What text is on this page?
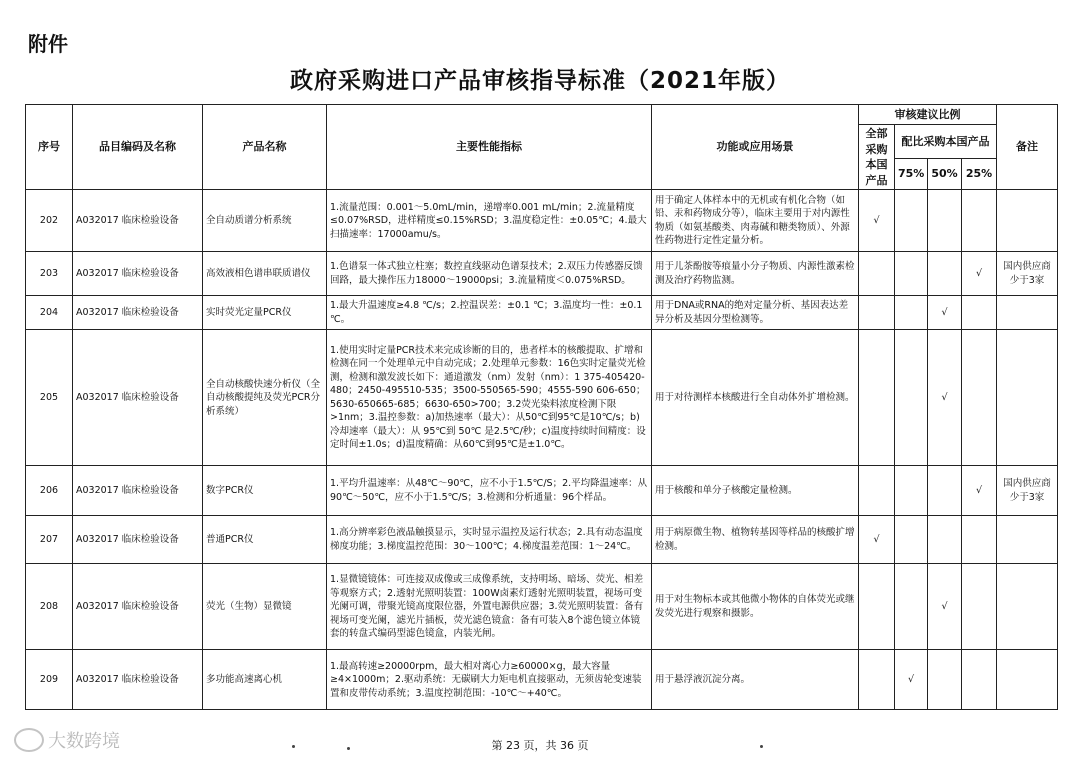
附件
政府采购进口产品审核指导标准（2021年版）
序号	品目编码及名称	产品名称	主要性能指标	功能或应用场景	审核建议比例				备注
					全部采购本国产品	配比采购本国产品			
						75%	50%	25%	
202	A032017 临床检验设备	全自动质谱分析系统	1.流量范围：0.001～5.0mL/min，递增率0.001 mL/min；2.流量精度≤0.07%RSD，进样精度≤0.15%RSD；3.温度稳定性：±0.05℃；4.最大扫描速率：17000amu/s。	用于确定人体样本中的无机或有机化合物（如铅、汞和药物成分等），临床主要用于对内源性物质（如氨基酸类、肉毒碱和糖类物质）、外源性药物进行定性定量分析。	√				
203	A032017 临床检验设备	高效液相色谱串联质谱仪	1.色谱泵一体式独立柱塞；数控直线驱动色谱泵技术；2.双压力传感器反馈回路，最大操作压力18000～19000psi；3.流量精度＜0.075%RSD。	用于儿茶酚胺等痕量小分子物质、内源性激素检测及治疗药物监测。				√	国内供应商少于3家
204	A032017 临床检验设备	实时荧光定量PCR仪	1.最大升温速度≥4.8 ℃/s；2.控温误差：±0.1 ℃；3.温度均一性：±0.1 ℃。	用于DNA或RNA的绝对定量分析、基因表达差异分析及基因分型检测等。			√		
205	A032017 临床检验设备	全自动核酸快速分析仪（全自动核酸提纯及荧光PCR分析系统）	1.使用实时定量PCR技术来完成诊断的目的，患者样本的核酸提取、扩增和检测在同一个处理单元中自动完成；2.处理单元参数：16色实时定量荧光检测，检测和激发波长如下：通道激发（nm）发射（nm）：1 375-405420-480；2450-495510-535；3500-550565-590；4555-590 606-650；5630-650665-685；6630-650>700；3.2荧光染料浓度检测下限>1nm；3.温控参数：a)加热速率（最大）：从50℃到95℃是10℃/s；b)冷却速率（最大）：从 95℃到 50℃ 是2.5℃/秒；c)温度持续时间精度：设定时间±1.0s；d)温度精确：从60℃到95℃是±1.0℃。	用于对待测样本核酸进行全自动体外扩增检测。			√		
206	A032017 临床检验设备	数字PCR仪	1.平均升温速率：从48℃～90℃，应不小于1.5℃/S；2.平均降温速率：从90℃～50℃，应不小于1.5℃/S；3.检测和分析通量：96个样品。	用于核酸和单分子核酸定量检测。				√	国内供应商少于3家
207	A032017 临床检验设备	普通PCR仪	1.高分辨率彩色液晶触摸显示，实时显示温控及运行状态；2.具有动态温度梯度功能；3.梯度温控范围：30～100℃；4.梯度温差范围：1～24℃。	用于病原微生物、植物转基因等样品的核酸扩增检测。	√				
208	A032017 临床检验设备	荧光（生物）显微镜	1.显微镜镜体：可连接双成像或三成像系统，支持明场、暗场、荧光、相差等观察方式；2.透射光照明装置：100W卤素灯透射光照明装置，视场可变光阑可调，带聚光镜高度限位器，外置电源供应器；3.荧光照明装置：备有视场可变光阑，滤光片插板，荧光滤色镜盒：备有可装入8个滤色镜立体镜套的转盘式编码型滤色镜盒，内装光闸。	用于对生物标本或其他微小物体的自体荧光或继发荧光进行观察和摄影。			√		
209	A032017 临床检验设备	多功能高速离心机	1.最高转速≥20000rpm，最大相对离心力≥60000×g，最大容量≥4×1000m；2.驱动系统：无碳刷大力矩电机直接驱动，无须齿轮变速装置和皮带传动系统；3.温度控制范围：-10℃～+40℃。	用于悬浮液沉淀分离。		√			
大数跨境	第 23 页，共 36 页
